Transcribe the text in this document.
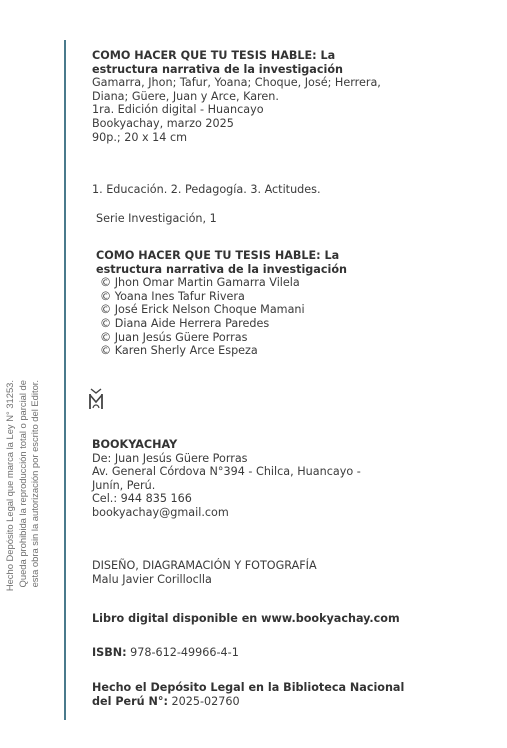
Hecho Depósito Legal que marca la Ley N° 31253. Queda prohibida la reproducción total o parcial de esta obra sin la autorización por escrito del Editor.
COMO HACER QUE TU TESIS HABLE: La
estructura narrativa de la investigación
Gamarra, Jhon; Tafur, Yoana; Choque, José; Herrera,
Diana; Güere, Juan y Arce, Karen.
1ra. Edición digital - Huancayo
Bookyachay, marzo 2025
90p.; 20 x 14 cm
1. Educación. 2. Pedagogía. 3. Actitudes.
Serie Investigación, 1
COMO HACER QUE TU TESIS HABLE: La
estructura narrativa de la investigación
© Jhon Omar Martin Gamarra Vilela
© Yoana Ines Tafur Rivera
© José Erick Nelson Choque Mamani
© Diana Aide Herrera Paredes
© Juan Jesús Güere Porras
© Karen Sherly Arce Espeza
BOOKYACHAY
De: Juan Jesús Güere Porras
Av. General Córdova N°394 - Chilca, Huancayo -
Junín, Perú.
Cel.: 944 835 166
bookyachay@gmail.com
DISEÑO, DIAGRAMACIÓN Y FOTOGRAFÍA
Malu Javier Corilloclla
Libro digital disponible en www.bookyachay.com
ISBN: 978-612-49966-4-1
Hecho el Depósito Legal en la Biblioteca Nacional
del Perú N°: 2025-02760
